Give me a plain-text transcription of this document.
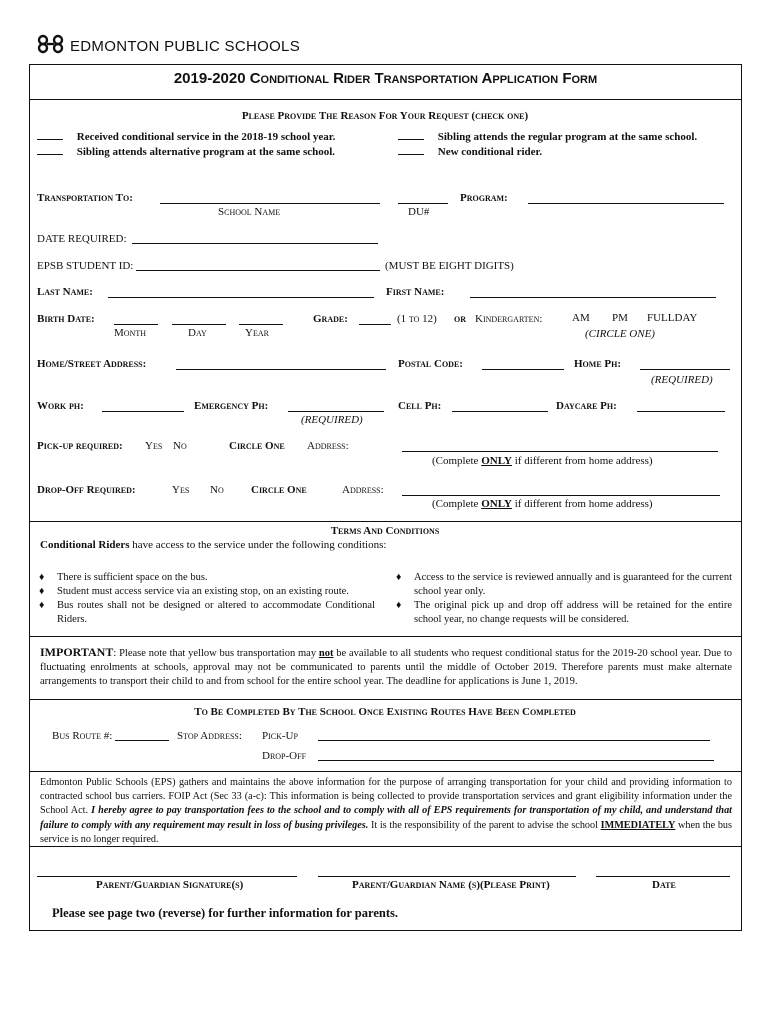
EDMONTON PUBLIC SCHOOLS
2019-2020 Conditional Rider Transportation Application Form
Please Provide The Reason For Your Request (check one)
Received conditional service in the 2018-19 school year.
Sibling attends alternative program at the same school.
Sibling attends the regular program at the same school.
New conditional rider.
Transportation To:
School Name	DU#
Program:
DATE REQUIRED:
EPSB STUDENT ID:	(MUST BE EIGHT DIGITS)
Last Name:	First Name:
Birth Date:
Month	Day	Year
Grade:	(1 to 12) or Kindergarten:	AM PM FULLDAY
(CIRCLE ONE)
Home/Street Address:	Postal Code:	Home Ph:
(REQUIRED)
Work ph:	Emergency Ph:
(REQUIRED)
Cell Ph:	Daycare Ph:
Pick-up required: Yes No	Circle One Address:
(Complete ONLY if different from home address)
Drop-Off Required:	Yes No Circle One	Address:
(Complete ONLY if different from home address)
Terms And Conditions
Conditional Riders have access to the service under the following conditions:
♦ There is sufficient space on the bus.
♦ Student must access service via an existing stop, on an existing route.
♦ Bus routes shall not be designed or altered to accommodate Conditional Riders.
♦ Access to the service is reviewed annually and is guaranteed for the current school year only.
♦ The original pick up and drop off address will be retained for the entire school year, no change requests will be considered.
IMPORTANT: Please note that yellow bus transportation may not be available to all students who request conditional status for the 2019-20 school year. Due to fluctuating enrolments at schools, approval may not be communicated to parents until the middle of October 2019. Therefore parents must make alternate arrangements to transport their child to and from school for the entire school year. The deadline for applications is June 1, 2019.
To Be Completed By The School Once Existing Routes Have Been Completed
Bus Route #:	Stop Address: Pick-Up
Drop-Off
Edmonton Public Schools (EPS) gathers and maintains the above information for the purpose of arranging transportation for your child and providing information to contracted school bus carriers. FOIP Act (Sec 33 (a-c): This information is being collected to provide transportation services and grant eligibility information under the School Act. I hereby agree to pay transportation fees to the school and to comply with all of EPS requirements for transportation of my child, and understand that failure to comply with any requirement may result in loss of busing privileges. It is the responsibility of the parent to advise the school IMMEDIATELY when the bus service is no longer required.
Parent/Guardian Signature(s)	Parent/Guardian Name (s)(Please Print)	Date
Please see page two (reverse) for further information for parents.
